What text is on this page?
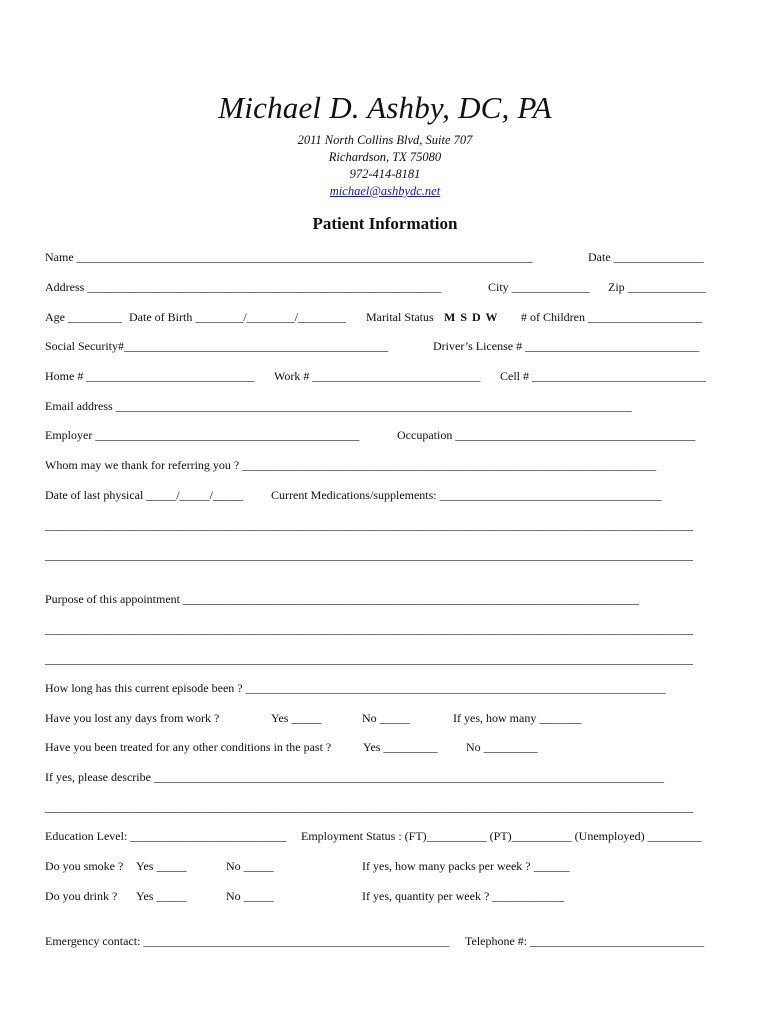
Michael D. Ashby, DC, PA
2011 North Collins Blvd, Suite 707
Richardson, TX 75080
972-414-8181
michael@ashbydc.net
Patient Information
Name ____________________________________________________________________________	Date _______________
Address ___________________________________________________________	City _____________ Zip _____________
Age _________ Date of Birth ________/________/________ Marital Status M S D W # of Children ___________________
Social Security#____________________________________________	Driver’s License # _____________________________
Home # ____________________________ Work # ____________________________ Cell # _____________________________
Email address ______________________________________________________________________________________
Employer ____________________________________________	Occupation ________________________________________
Whom may we thank for referring you ? _____________________________________________________________________
Date of last physical _____/_____/_____ Current Medications/supplements: _____________________________________
____________________________________________________________________________________________________________
____________________________________________________________________________________________________________
Purpose of this appointment ____________________________________________________________________________
____________________________________________________________________________________________________________
____________________________________________________________________________________________________________
How long has this current episode been ? ______________________________________________________________________
Have you lost any days from work ?	Yes _____	No _____	If yes, how many _______
Have you been treated for any other conditions in the past ?	Yes _________ No _________
If yes, please describe _____________________________________________________________________________________
____________________________________________________________________________________________________________
Education Level: __________________________ Employment Status : (FT)__________ (PT)__________ (Unemployed) _________
Do you smoke ? Yes _____	No _____	If yes, how many packs per week ? ______
Do you drink ? Yes _____	No _____	If yes, quantity per week ? ____________
Emergency contact: ___________________________________________________ Telephone #: _____________________________
